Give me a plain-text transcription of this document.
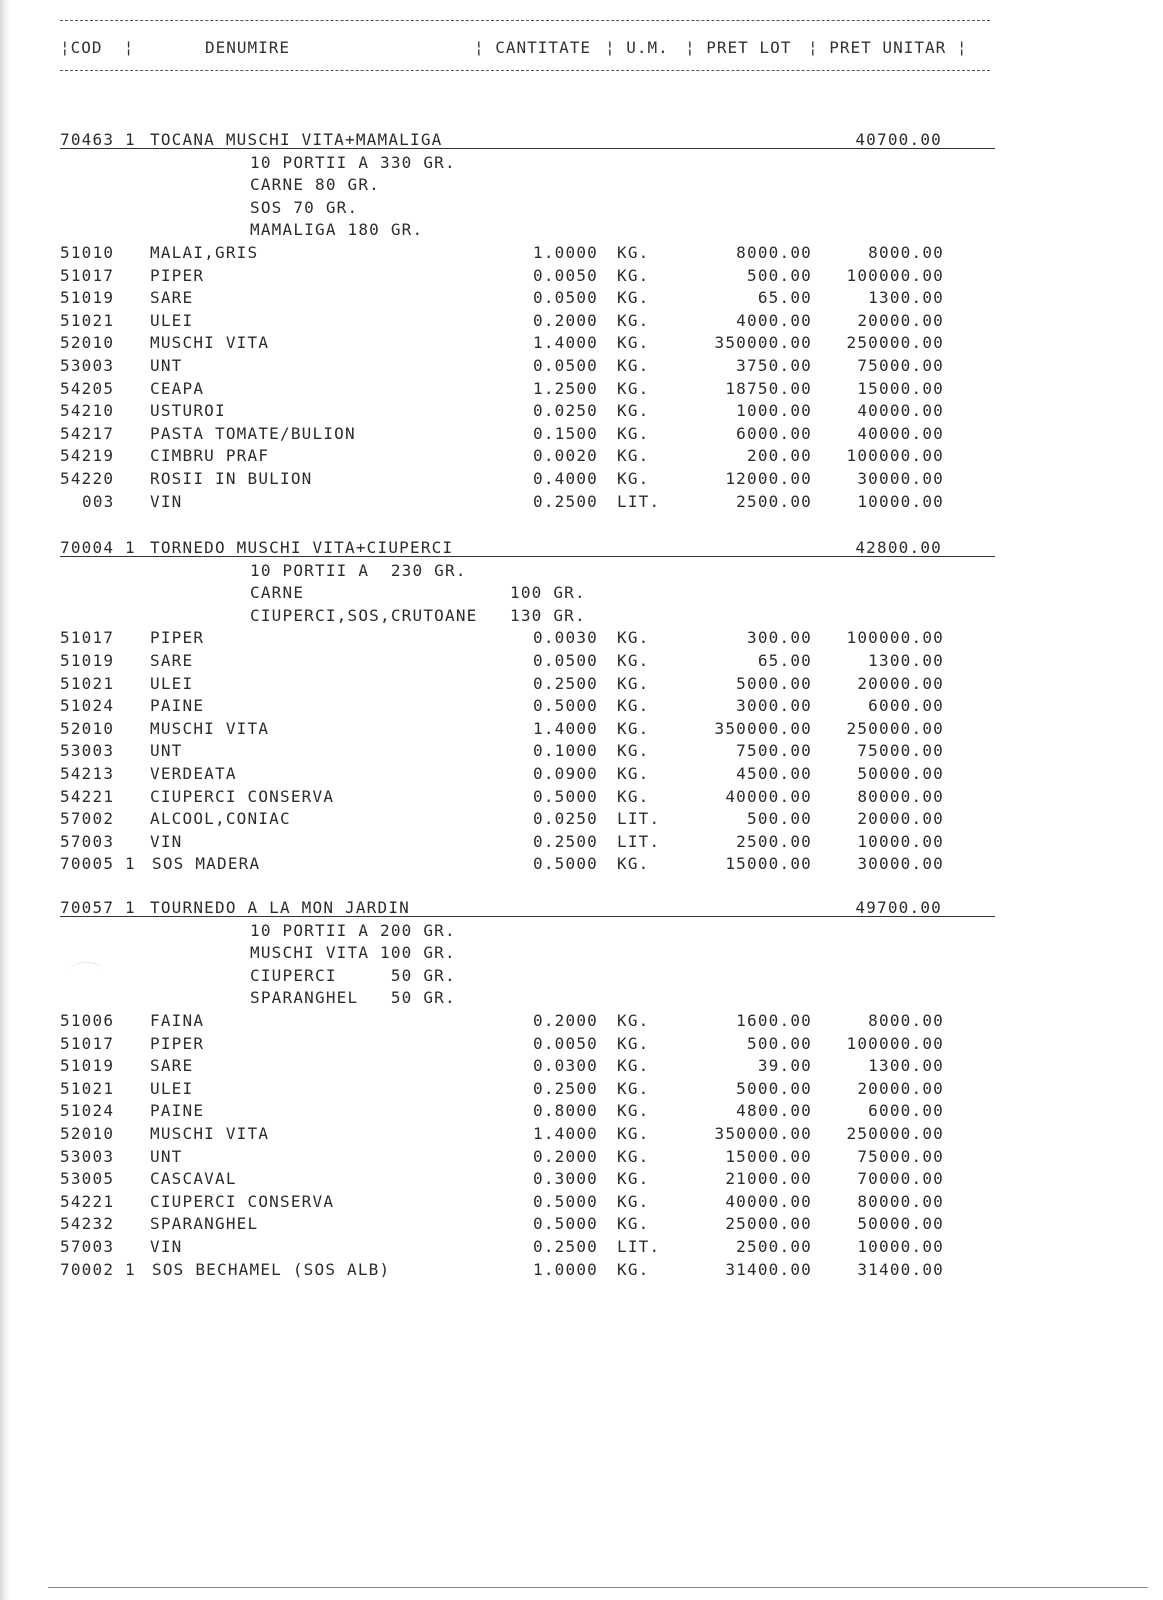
¦COD  ¦	DENUMIRE	¦ CANTITATE ¦ U.M. ¦ PRET LOT ¦ PRET UNITAR ¦
70463 1 TOCANA MUSCHI VITA+MAMALIGA	40700.00
10 PORTII A 330 GR.
CARNE 80 GR.
SOS 70 GR.
MAMALIGA 180 GR.
51010 MALAI,GRIS	1.0000 KG.	8000.00	8000.00
51017 PIPER	0.0050 KG.	500.00 100000.00
51019 SARE	0.0500 KG.	65.00	1300.00
51021 ULEI	0.2000 KG.	4000.00	20000.00
52010 MUSCHI VITA	1.4000 KG.	350000.00 250000.00
53003 UNT	0.0500 KG.	3750.00	75000.00
54205 CEAPA	1.2500 KG.	18750.00	15000.00
54210 USTUROI	0.0250 KG.	1000.00	40000.00
54217 PASTA TOMATE/BULION	0.1500 KG.	6000.00	40000.00
54219 CIMBRU PRAF	0.0020 KG.	200.00 100000.00
54220 ROSII IN BULION	0.4000 KG.	12000.00	30000.00
003 VIN	0.2500 LIT.	2500.00	10000.00
70004 1 TORNEDO MUSCHI VITA+CIUPERCI	42800.00
10 PORTII A  230 GR.
CARNE                   100 GR.
CIUPERCI,SOS,CRUTOANE   130 GR.
51017 PIPER	0.0030 KG.	300.00 100000.00
51019 SARE	0.0500 KG.	65.00	1300.00
51021 ULEI	0.2500 KG.	5000.00	20000.00
51024 PAINE	0.5000 KG.	3000.00	6000.00
52010 MUSCHI VITA	1.4000 KG.	350000.00 250000.00
53003 UNT	0.1000 KG.	7500.00	75000.00
54213 VERDEATA	0.0900 KG.	4500.00	50000.00
54221 CIUPERCI CONSERVA	0.5000 KG.	40000.00	80000.00
57002 ALCOOL,CONIAC	0.0250 LIT.	500.00	20000.00
57003 VIN	0.2500 LIT.	2500.00	10000.00
70005 1 SOS MADERA	0.5000 KG.	15000.00	30000.00
70057 1 TOURNEDO A LA MON JARDIN	49700.00
10 PORTII A 200 GR.
MUSCHI VITA 100 GR.
CIUPERCI     50 GR.
SPARANGHEL   50 GR.
51006 FAINA	0.2000 KG.	1600.00	8000.00
51017 PIPER	0.0050 KG.	500.00 100000.00
51019 SARE	0.0300 KG.	39.00	1300.00
51021 ULEI	0.2500 KG.	5000.00	20000.00
51024 PAINE	0.8000 KG.	4800.00	6000.00
52010 MUSCHI VITA	1.4000 KG.	350000.00 250000.00
53003 UNT	0.2000 KG.	15000.00	75000.00
53005 CASCAVAL	0.3000 KG.	21000.00	70000.00
54221 CIUPERCI CONSERVA	0.5000 KG.	40000.00	80000.00
54232 SPARANGHEL	0.5000 KG.	25000.00	50000.00
57003 VIN	0.2500 LIT.	2500.00	10000.00
70002 1 SOS BECHAMEL (SOS ALB)	1.0000 KG.	31400.00	31400.00
